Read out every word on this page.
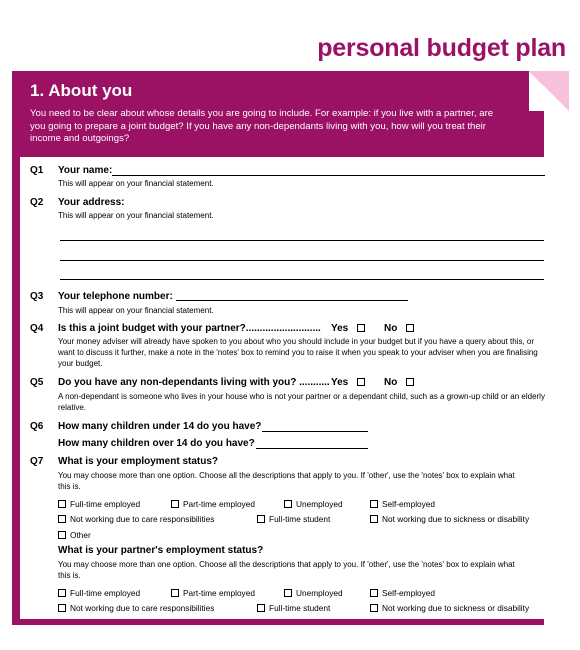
personal budget plan
1. About you
You need to be clear about whose details you are going to include. For example: if you live with a partner, are you going to prepare a joint budget? If you have any non-dependants living with you, how will you treat their income and outgoings?
Q1 Your name:
This will appear on your financial statement.
Q2 Your address:
This will appear on your financial statement.
Q3 Your telephone number:
This will appear on your financial statement.
Q4 Is this a joint budget with your partner?........................... Yes	No
Your money adviser will already have spoken to you about who you should include in your budget but if you have a query about this, or want to discuss it further, make a note in the 'notes' box to remind you to raise it when you speak to your adviser when you are finalising your budget.
Q5 Do you have any non-dependants living with you? ........... Yes	No
A non-dependant is someone who lives in your house who is not your partner or a dependant child, such as a grown-up child or an elderly relative.
Q6 How many children under 14 do you have?
How many children over 14 do you have?
Q7 What is your employment status?
You may choose more than one option. Choose all the descriptions that apply to you. If 'other', use the 'notes' box to explain what this is.
Full-time employed	Part-time employed	Unemployed	Self-employed
Not working due to care responsibilities	Full-time student	Not working due to sickness or disability
Other
What is your partner's employment status?
You may choose more than one option. Choose all the descriptions that apply to you. If 'other', use the 'notes' box to explain what this is.
Full-time employed	Part-time employed	Unemployed	Self-employed
Not working due to care responsibilities	Full-time student	Not working due to sickness or disability
